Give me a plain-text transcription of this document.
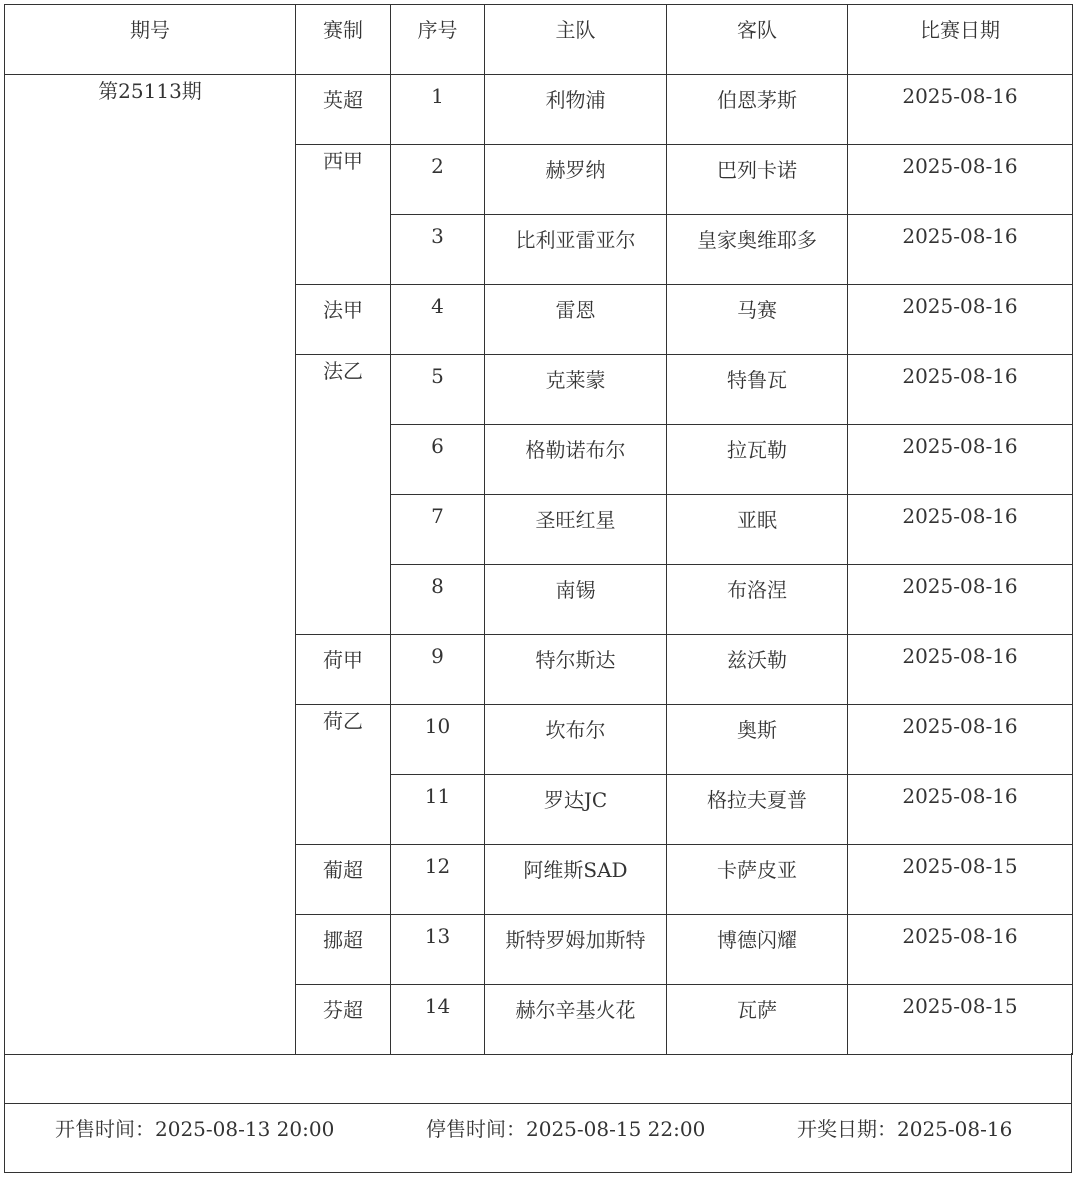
期号	赛制	序号	主队	客队	比赛日期
第25113期	英超	1	利物浦	伯恩茅斯	2025-08-16
	西甲	2	赫罗纳	巴列卡诺	2025-08-16
		3	比利亚雷亚尔	皇家奥维耶多	2025-08-16
	法甲	4	雷恩	马赛	2025-08-16
	法乙	5	克莱蒙	特鲁瓦	2025-08-16
		6	格勒诺布尔	拉瓦勒	2025-08-16
		7	圣旺红星	亚眠	2025-08-16
		8	南锡	布洛涅	2025-08-16
	荷甲	9	特尔斯达	兹沃勒	2025-08-16
	荷乙	10	坎布尔	奥斯	2025-08-16
		11	罗达JC	格拉夫夏普	2025-08-16
	葡超	12	阿维斯SAD	卡萨皮亚	2025-08-15
	挪超	13	斯特罗姆加斯特	博德闪耀	2025-08-16
	芬超	14	赫尔辛基火花	瓦萨	2025-08-15
开售时间：2025-08-13 20:00	停售时间：2025-08-15 22:00	开奖日期：2025-08-16
